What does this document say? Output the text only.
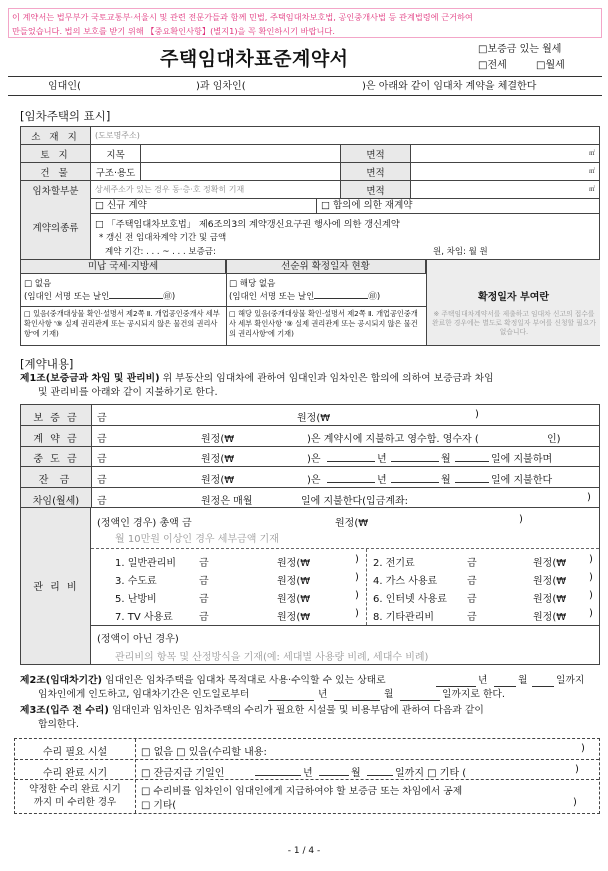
이 계약서는 법무부가 국토교통부·서울시 및 관련 전문가들과 함께 민법, 주택임대차보호법, 공인중개사법 등 관계법령에 근거하여
만들었습니다. 법의 보호를 받기 위해 【중요확인사항】(별지1)을 꼭 확인하시기 바랍니다.
주택임대차표준계약서	□보증금 있는 월세
□전세	□월세
임대인(	)과 임차인(	)은 아래와 같이 임대차 계약을 체결한다
[임차주택의 표시]
소 재 지	(도로명주소)			
토 지	지목		면적	㎡
건 물	구조·용도		면적	㎡
임차할부분	상세주소가 있는 경우 동·층·호 정확히 기재		면적	㎡
계약의종류
□ 신규 계약	□ 합의에 의한 재계약
□ 「주택임대차보호법」 제6조의3의 계약갱신요구권 행사에 의한 갱신계약
* 갱신 전 임대차계약 기간 및 금액
계약 기간: . . . ~ . . . 보증금:	원, 차임: 월 원
미납 국세·지방세	선순위 확정일자 현황
□ 없음
(임대인 서명 또는 날인	㊞)
□ 있음(중개대상물 확인·설명서 제2쪽 Ⅱ. 개업공인중개사 세부 확인사항 '⑨ 실제 권리관계 또는 공시되지 않은 물건의 권리사항'에 기재)
□ 해당 없음
(임대인 서명 또는 날인	㊞)
□ 해당 있음(중개대상물 확인·설명서 제2쪽 Ⅱ. 개업공인중개사 세부 확인사항 '⑨ 실제 권리관계 또는 공시되지 않은 물건의 권리사항'에 기재)
확정일자 부여란
※ 주택임대차계약서를 제출하고 임대차 신고의 접수를 완료한 경우에는 별도로 확정일자 부여를 신청할 필요가 없습니다.
[계약내용]
제1조(보증금과 차임 및 관리비) 위 부동산의 임대차에 관하여 임대인과 임차인은 합의에 의하여 보증금과 차임
및 관리비를 아래와 같이 지불하기로 한다.
보 증 금	금	원정(₩	)
계 약 금	금	원정(₩	)은 계약시에 지불하고 영수함. 영수자 (	인)
중 도 금	금	원정(₩	)은	년	월	일에 지불하며
잔 금	금	원정(₩	)은	년	월	일에 지불한다
차임(월세)	금	원정은 매월	일에 지불한다(입금계좌:	)
관 리 비
(정액인 경우) 총액 금	원정(₩	)
월 10만원 이상인 경우 세부금액 기재
1. 일반관리비 금	원정(₩	) 2. 전기료	금	원정(₩ )
3. 수도료	금	원정(₩	) 4. 가스 사용료	금	원정(₩ )
5. 난방비	금	원정(₩	) 6. 인터넷 사용료 금	원정(₩ )
7. TV 사용료	금	원정(₩	) 8. 기타관리비	금	원정(₩ )
(정액이 아닌 경우)
관리비의 항목 및 산정방식을 기재(예: 세대별 사용량 비례, 세대수 비례)
제2조(임대차기간) 임대인은 임차주택을 임대차 목적대로 사용·수익할 수 있는 상태로	년	월	일까지
임차인에게 인도하고, 임대차기간은 인도일로부터	년	월	일까지로 한다.
제3조(입주 전 수리) 임대인과 임차인은 임차주택의 수리가 필요한 시설물 및 비용부담에 관하여 다음과 같이
합의한다.
수리 필요 시설	□ 없음 □ 있음(수리할 내용:	)
수리 완료 시기	□ 잔금지급 기일인	년	월	일까지 □ 기타 (	)
약정한 수리 완료 시기
까지 미 수리한 경우
□ 수리비를 임차인이 임대인에게 지급하여야 할 보증금 또는 차임에서 공제
□ 기타(	)
- 1 / 4 -
